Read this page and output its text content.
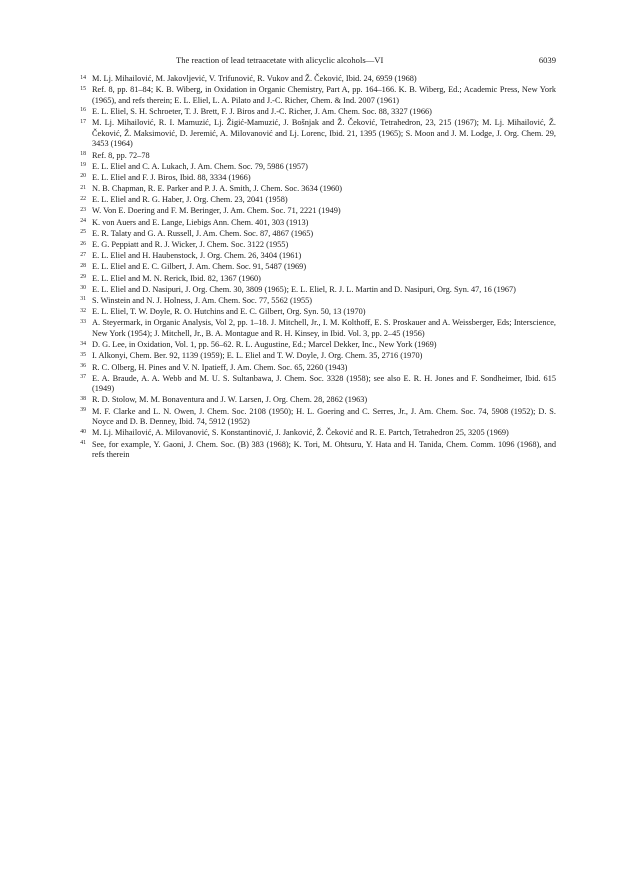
The reaction of lead tetraacetate with alicyclic alcohols—VI	6039
14 M. Lj. Mihailović, M. Jakovljević, V. Trifunović, R. Vukov and Ž. Čeković, Ibid. 24, 6959 (1968)
15 Ref. 8, pp. 81–84; K. B. Wiberg, in Oxidation in Organic Chemistry, Part A, pp. 164–166. K. B. Wiberg, Ed.; Academic Press, New York (1965), and refs therein; E. L. Eliel, L. A. Pilato and J.-C. Richer, Chem. & Ind. 2007 (1961)
16 E. L. Eliel, S. H. Schroeter, T. J. Brett, F. J. Biros and J.-C. Richer, J. Am. Chem. Soc. 88, 3327 (1966)
17 M. Lj. Mihailović, R. I. Mamuzić, Lj. Žigić-Mamuzić, J. Bošnjak and Ž. Čeković, Tetrahedron, 23, 215 (1967); M. Lj. Mihailović, Ž. Čeković, Ž. Maksimović, D. Jeremić, A. Milovanović and Lj. Lorenc, Ibid. 21, 1395 (1965); S. Moon and J. M. Lodge, J. Org. Chem. 29, 3453 (1964)
18 Ref. 8, pp. 72–78
19 E. L. Eliel and C. A. Lukach, J. Am. Chem. Soc. 79, 5986 (1957)
20 E. L. Eliel and F. J. Biros, Ibid. 88, 3334 (1966)
21 N. B. Chapman, R. E. Parker and P. J. A. Smith, J. Chem. Soc. 3634 (1960)
22 E. L. Eliel and R. G. Haber, J. Org. Chem. 23, 2041 (1958)
23 W. Von E. Doering and F. M. Beringer, J. Am. Chem. Soc. 71, 2221 (1949)
24 K. von Auers and E. Lange, Liebigs Ann. Chem. 401, 303 (1913)
25 E. R. Talaty and G. A. Russell, J. Am. Chem. Soc. 87, 4867 (1965)
26 E. G. Peppiatt and R. J. Wicker, J. Chem. Soc. 3122 (1955)
27 E. L. Eliel and H. Haubenstock, J. Org. Chem. 26, 3404 (1961)
28 E. L. Eliel and E. C. Gilbert, J. Am. Chem. Soc. 91, 5487 (1969)
29 E. L. Eliel and M. N. Rerick, Ibid. 82, 1367 (1960)
30 E. L. Eliel and D. Nasipuri, J. Org. Chem. 30, 3809 (1965); E. L. Eliel, R. J. L. Martin and D. Nasipuri, Org. Syn. 47, 16 (1967)
31 S. Winstein and N. J. Holness, J. Am. Chem. Soc. 77, 5562 (1955)
32 E. L. Eliel, T. W. Doyle, R. O. Hutchins and E. C. Gilbert, Org. Syn. 50, 13 (1970)
33 A. Steyermark, in Organic Analysis, Vol 2, pp. 1–18. J. Mitchell, Jr., I. M. Kolthoff, E. S. Proskauer and A. Weissberger, Eds; Interscience, New York (1954); J. Mitchell, Jr., B. A. Montague and R. H. Kinsey, in Ibid. Vol. 3, pp. 2–45 (1956)
34 D. G. Lee, in Oxidation, Vol. 1, pp. 56–62. R. L. Augustine, Ed.; Marcel Dekker, Inc., New York (1969)
35 I. Alkonyi, Chem. Ber. 92, 1139 (1959); E. L. Eliel and T. W. Doyle, J. Org. Chem. 35, 2716 (1970)
36 R. C. Olberg, H. Pines and V. N. Ipatieff, J. Am. Chem. Soc. 65, 2260 (1943)
37 E. A. Braude, A. A. Webb and M. U. S. Sultanbawa, J. Chem. Soc. 3328 (1958); see also E. R. H. Jones and F. Sondheimer, Ibid. 615 (1949)
38 R. D. Stolow, M. M. Bonaventura and J. W. Larsen, J. Org. Chem. 28, 2862 (1963)
39 M. F. Clarke and L. N. Owen, J. Chem. Soc. 2108 (1950); H. L. Goering and C. Serres, Jr., J. Am. Chem. Soc. 74, 5908 (1952); D. S. Noyce and D. B. Denney, Ibid. 74, 5912 (1952)
40 M. Lj. Mihailović, A. Milovanović, S. Konstantinović, J. Janković, Ž. Čeković and R. E. Partch, Tetrahedron 25, 3205 (1969)
41 See, for example, Y. Gaoni, J. Chem. Soc. (B) 383 (1968); K. Tori, M. Ohtsuru, Y. Hata and H. Tanida, Chem. Comm. 1096 (1968), and refs therein
